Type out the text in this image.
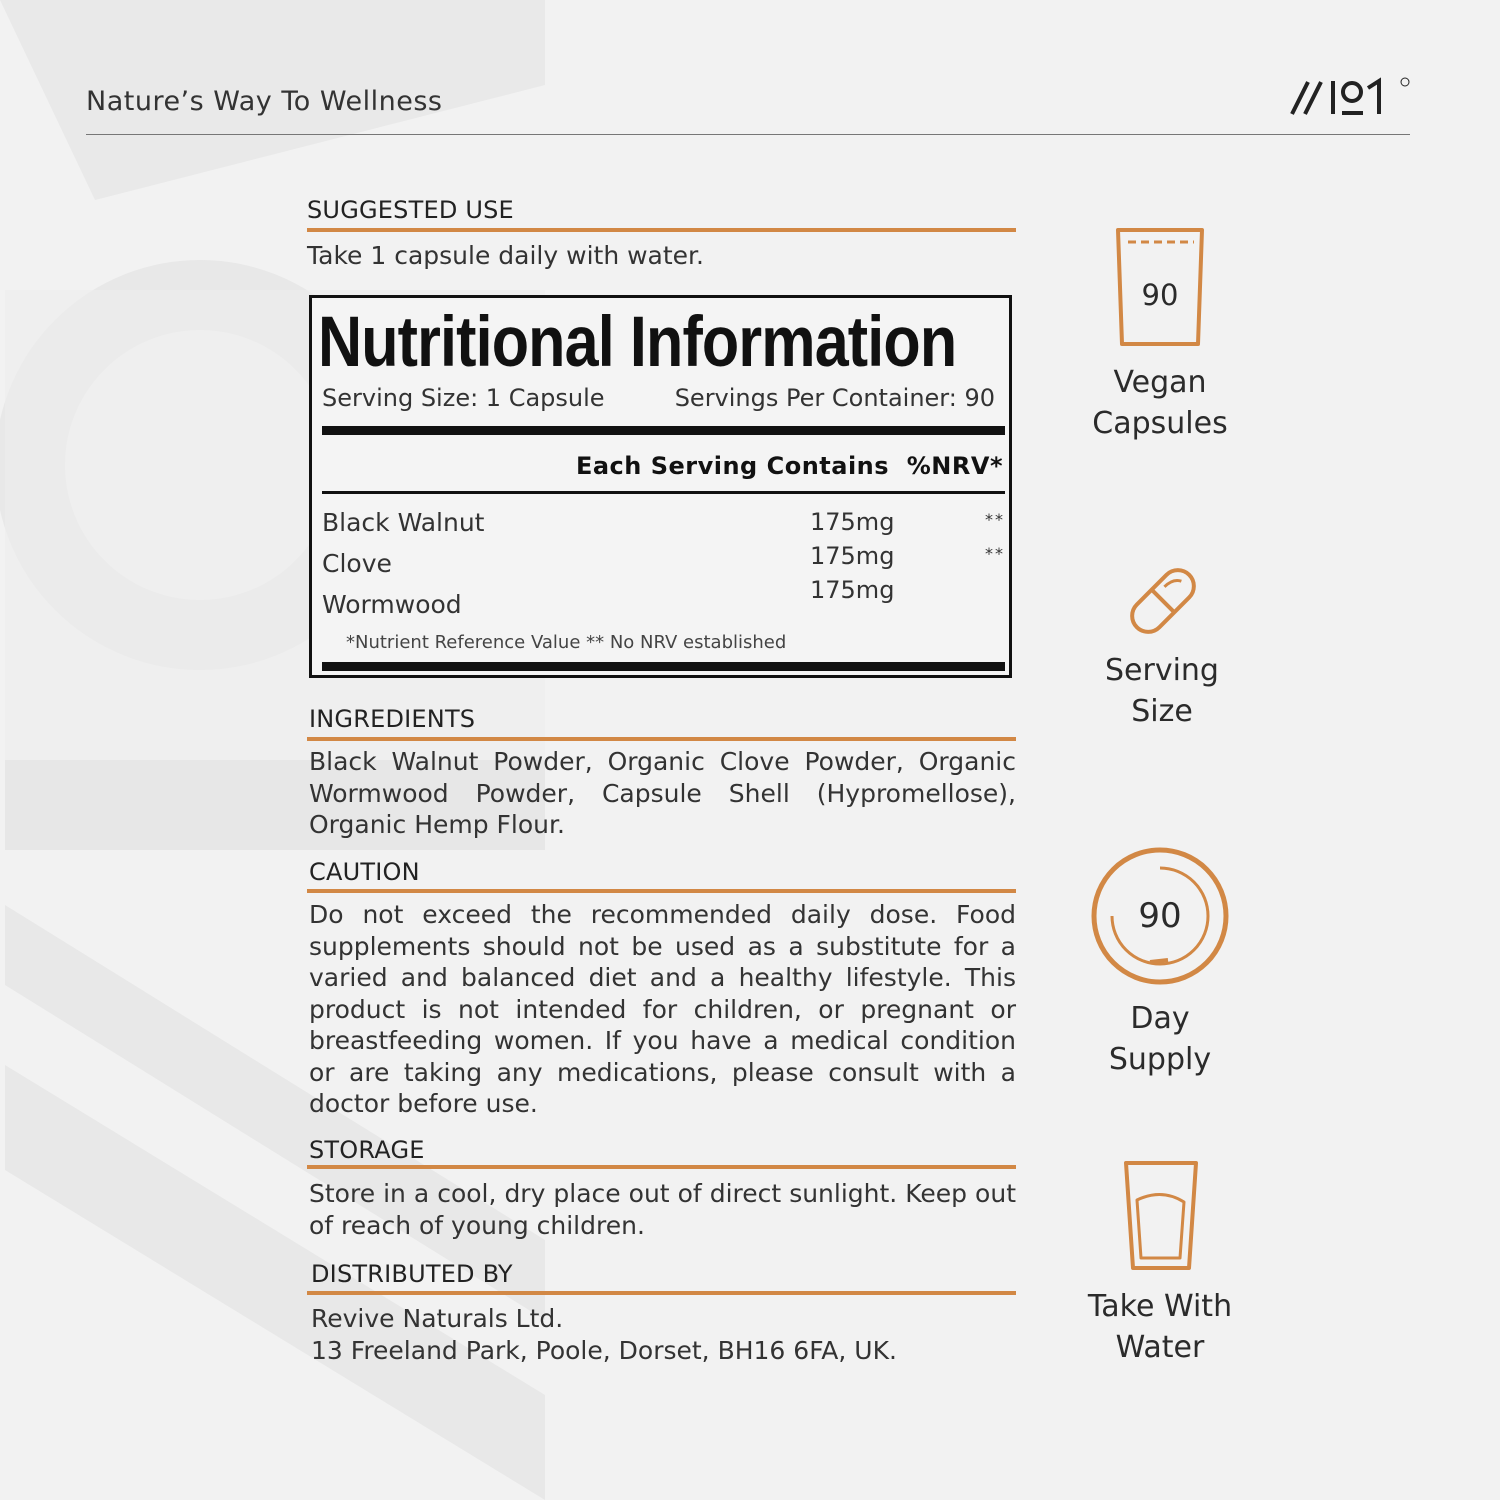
Nature’s Way To Wellness
SUGGESTED USE
Take 1 capsule daily with water.
Nutritional Information
Serving Size: 1 Capsule	Servings Per Container: 90
Each Serving Contains  %NRV*
Black Walnut	175mg	**
Clove	175mg	**
Wormwood	175mg
*Nutrient Reference Value ** No NRV established
INGREDIENTS
Black Walnut Powder, Organic Clove Powder, Organic Wormwood Powder, Capsule Shell (Hypromellose), Organic Hemp Flour.
CAUTION
Do not exceed the recommended daily dose. Food supplements should not be used as a substitute for a varied and balanced diet and a healthy lifestyle. This product is not intended for children, or pregnant or breastfeeding women. If you have a medical condition or are taking any medications, please consult with a doctor before use.
STORAGE
Store in a cool, dry place out of direct sunlight. Keep out of reach of young children.
DISTRIBUTED BY
Revive Naturals Ltd.
13 Freeland Park, Poole, Dorset, BH16 6FA, UK.
90
Vegan
Capsules
Serving
Size
90
Day
Supply
Take With
Water
